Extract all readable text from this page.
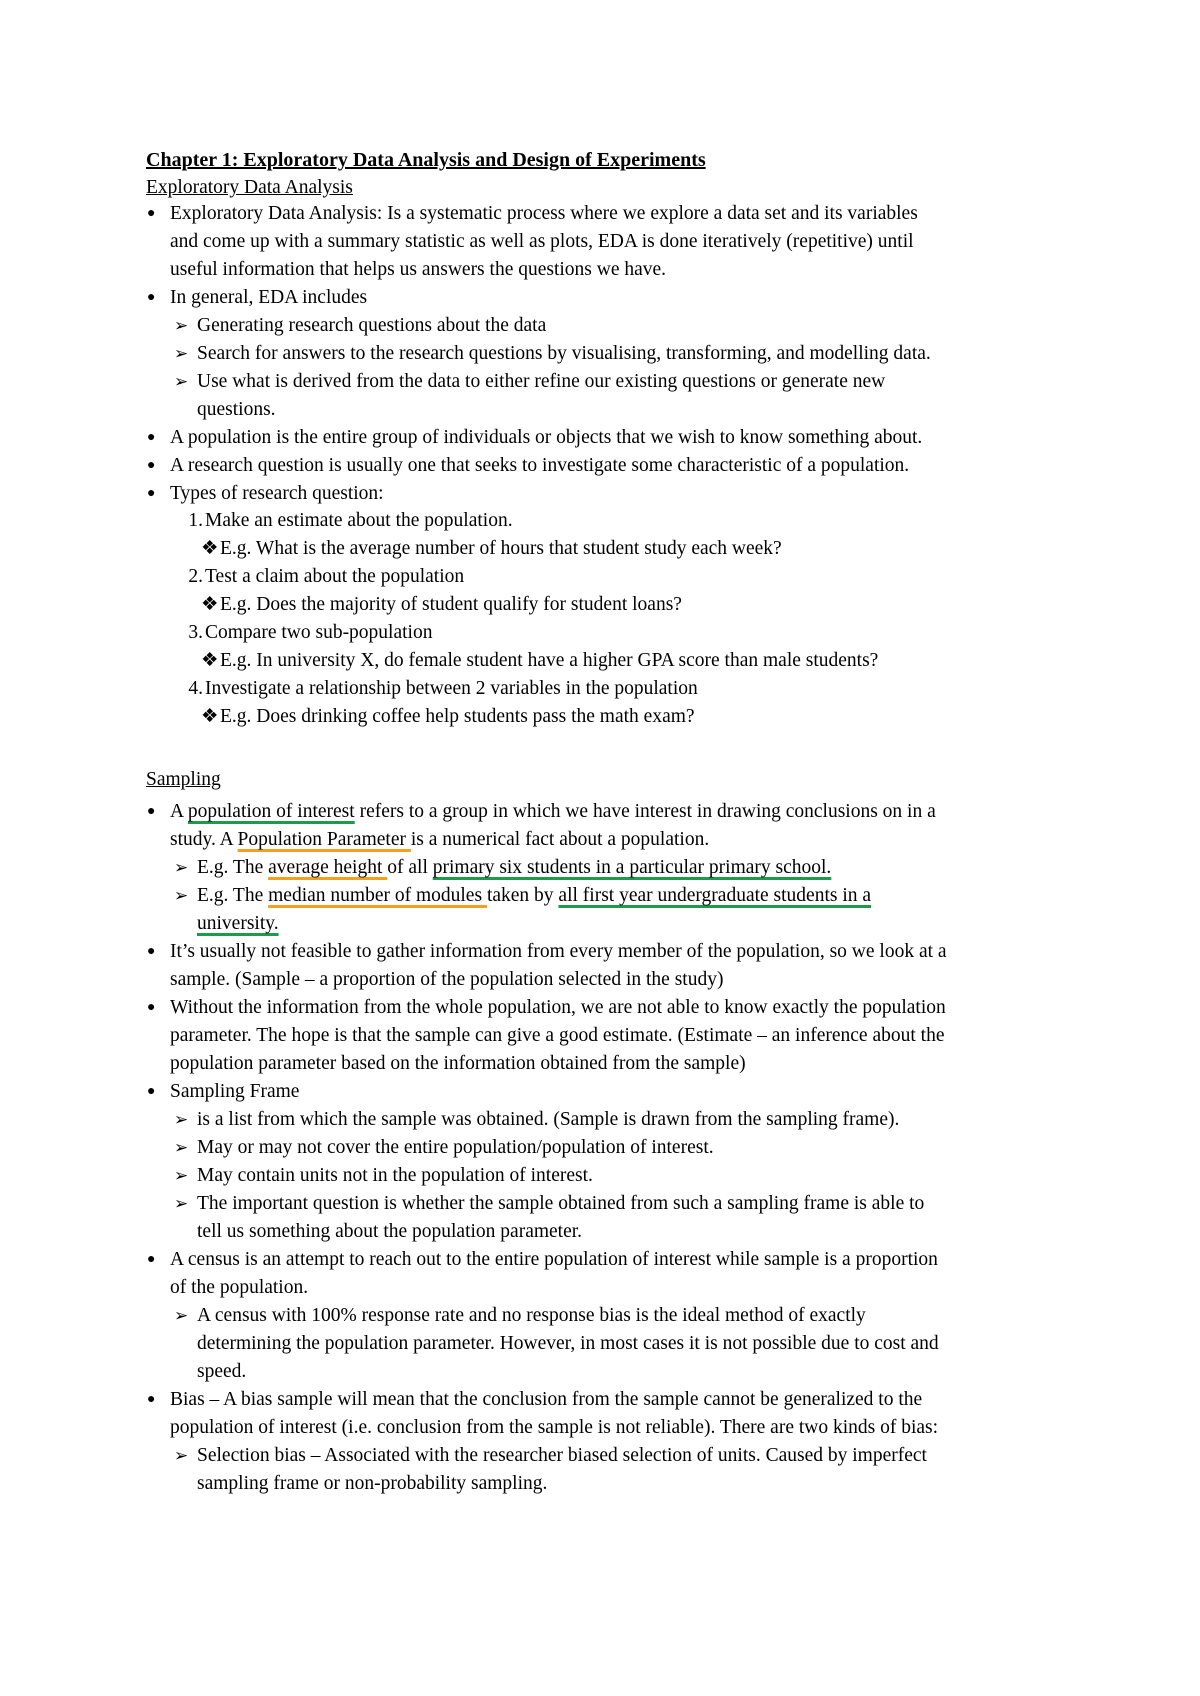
Chapter 1: Exploratory Data Analysis and Design of Experiments
Exploratory Data Analysis
● Exploratory Data Analysis: Is a systematic process where we explore a data set and its variables
and come up with a summary statistic as well as plots, EDA is done iteratively (repetitive) until
useful information that helps us answers the questions we have.
● In general, EDA includes
➢ Generating research questions about the data
➢ Search for answers to the research questions by visualising, transforming, and modelling data.
➢ Use what is derived from the data to either refine our existing questions or generate new
questions.
● A population is the entire group of individuals or objects that we wish to know something about.
● A research question is usually one that seeks to investigate some characteristic of a population.
● Types of research question:
1. Make an estimate about the population.
❖ E.g. What is the average number of hours that student study each week?
2. Test a claim about the population
❖ E.g. Does the majority of student qualify for student loans?
3. Compare two sub-population
❖ E.g. In university X, do female student have a higher GPA score than male students?
4. Investigate a relationship between 2 variables in the population
❖ E.g. Does drinking coffee help students pass the math exam?
Sampling
● A population of interest refers to a group in which we have interest in drawing conclusions on in a
study. A Population Parameter is a numerical fact about a population.
➢ E.g. The average height of all primary six students in a particular primary school.
➢ E.g. The median number of modules taken by all first year undergraduate students in a
university.
● It’s usually not feasible to gather information from every member of the population, so we look at a
sample. (Sample – a proportion of the population selected in the study)
● Without the information from the whole population, we are not able to know exactly the population
parameter. The hope is that the sample can give a good estimate. (Estimate – an inference about the
population parameter based on the information obtained from the sample)
● Sampling Frame
➢ is a list from which the sample was obtained. (Sample is drawn from the sampling frame).
➢ May or may not cover the entire population/population of interest.
➢ May contain units not in the population of interest.
➢ The important question is whether the sample obtained from such a sampling frame is able to
tell us something about the population parameter.
● A census is an attempt to reach out to the entire population of interest while sample is a proportion
of the population.
➢ A census with 100% response rate and no response bias is the ideal method of exactly
determining the population parameter. However, in most cases it is not possible due to cost and
speed.
● Bias – A bias sample will mean that the conclusion from the sample cannot be generalized to the
population of interest (i.e. conclusion from the sample is not reliable). There are two kinds of bias:
➢ Selection bias – Associated with the researcher biased selection of units. Caused by imperfect
sampling frame or non-probability sampling.
